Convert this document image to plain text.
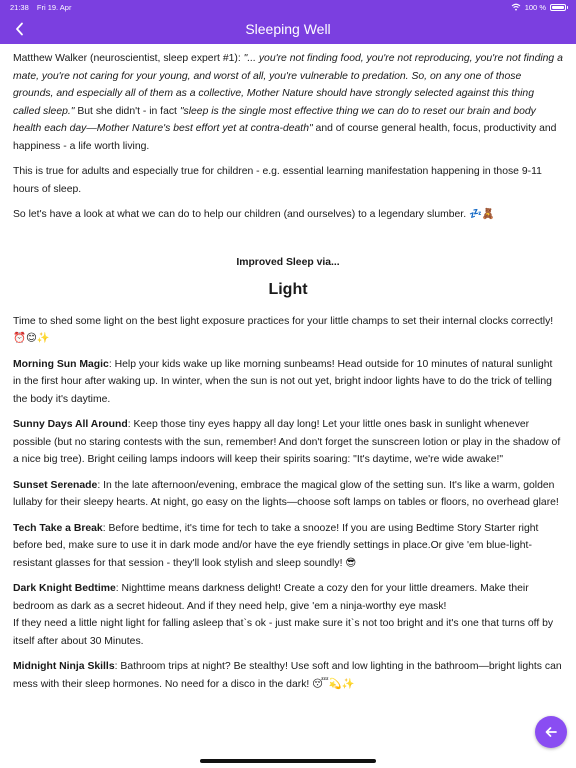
21:38 Fri 19. Apr	100 %
Sleeping Well

Matthew Walker (neuroscientist, sleep expert #1): "... you're not finding food, you're not reproducing, you're not finding a mate, you're not caring for your young, and worst of all, you're vulnerable to predation. So, on any one of those grounds, and especially all of them as a collective, Mother Nature should have strongly selected against this thing called sleep." But she didn't - in fact "sleep is the single most effective thing we can do to reset our brain and body health each day—Mother Nature's best effort yet at contra-death" and of course general health, focus, productivity and happiness - a life worth living.

This is true for adults and especially true for children - e.g. essential learning manifestation happening in those 9-11 hours of sleep.

So let's have a look at what we can do to help our children (and ourselves) to a legendary slumber. 💤🧸

Improved Sleep via...
Light

Time to shed some light on the best light exposure practices for your little champs to set their internal clocks correctly! ⏰😊✨

Morning Sun Magic: Help your kids wake up like morning sunbeams! Head outside for 10 minutes of natural sunlight in the first hour after waking up. In winter, when the sun is not out yet, bright indoor lights have to do the trick of telling the body it's daytime.

Sunny Days All Around: Keep those tiny eyes happy all day long! Let your little ones bask in sunlight whenever possible (but no staring contests with the sun, remember! And don't forget the sunscreen lotion or play in the shadow of a nice big tree). Bright ceiling lamps indoors will keep their spirits soaring: "It's daytime, we're wide awake!"

Sunset Serenade: In the late afternoon/evening, embrace the magical glow of the setting sun. It's like a warm, golden lullaby for their sleepy hearts. At night, go easy on the lights—choose soft lamps on tables or floors, no overhead glare!

Tech Take a Break: Before bedtime, it's time for tech to take a snooze! If you are using Bedtime Story Starter right before bed, make sure to use it in dark mode and/or have the eye friendly settings in place.Or give 'em blue-light-resistant glasses for that session - they'll look stylish and sleep soundly! 😎

Dark Knight Bedtime: Nighttime means darkness delight! Create a cozy den for your little dreamers. Make their bedroom as dark as a secret hideout. And if they need help, give 'em a ninja-worthy eye mask!
If they need a little night light for falling asleep that`s ok - just make sure it`s not too bright and it's one that turns off by itself after about 30 Minutes.

Midnight Ninja Skills: Bathroom trips at night? Be stealthy! Use soft and low lighting in the bathroom—bright lights can mess with their sleep hormones. No need for a disco in the dark! 😴💫✨
